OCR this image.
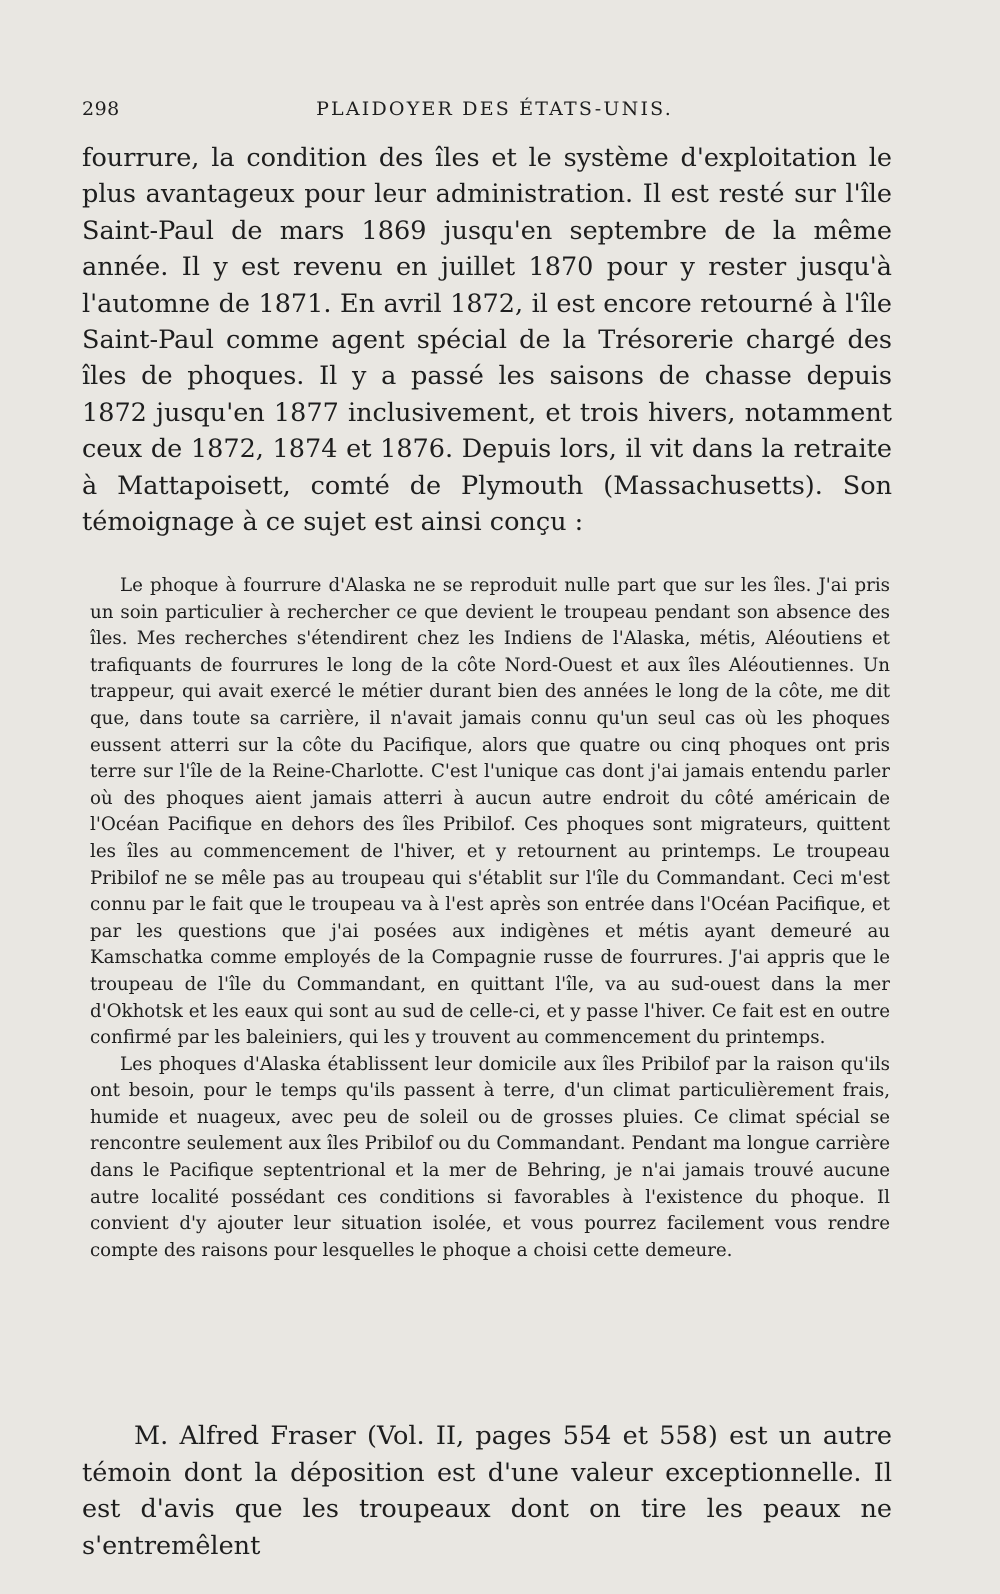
298	PLAIDOYER DES ÉTATS-UNIS.

fourrure, la condition des îles et le système d'exploitation le plus avantageux pour leur administration. Il est resté sur l'île Saint-Paul de mars 1869 jusqu'en septembre de la même année. Il y est revenu en juillet 1870 pour y rester jusqu'à l'automne de 1871. En avril 1872, il est encore retourné à l'île Saint-Paul comme agent spécial de la Trésorerie chargé des îles de phoques. Il y a passé les saisons de chasse depuis 1872 jusqu'en 1877 inclusivement, et trois hivers, notamment ceux de 1872, 1874 et 1876. Depuis lors, il vit dans la retraite à Mattapoisett, comté de Plymouth (Massachusetts). Son témoignage à ce sujet est ainsi conçu :

Le phoque à fourrure d'Alaska ne se reproduit nulle part que sur les îles. J'ai pris un soin particulier à rechercher ce que devient le troupeau pendant son absence des îles. Mes recherches s'étendirent chez les Indiens de l'Alaska, métis, Aléoutiens et trafiquants de fourrures le long de la côte Nord-Ouest et aux îles Aléoutiennes. Un trappeur, qui avait exercé le métier durant bien des années le long de la côte, me dit que, dans toute sa carrière, il n'avait jamais connu qu'un seul cas où les phoques eussent atterri sur la côte du Pacifique, alors que quatre ou cinq phoques ont pris terre sur l'île de la Reine-Charlotte. C'est l'unique cas dont j'ai jamais entendu parler où des phoques aient jamais atterri à aucun autre endroit du côté américain de l'Océan Pacifique en dehors des îles Pribilof. Ces phoques sont migrateurs, quittent les îles au commencement de l'hiver, et y retournent au printemps. Le troupeau Pribilof ne se mêle pas au troupeau qui s'établit sur l'île du Commandant. Ceci m'est connu par le fait que le troupeau va à l'est après son entrée dans l'Océan Pacifique, et par les questions que j'ai posées aux indigènes et métis ayant demeuré au Kamschatka comme employés de la Compagnie russe de fourrures. J'ai appris que le troupeau de l'île du Commandant, en quittant l'île, va au sud-ouest dans la mer d'Okhotsk et les eaux qui sont au sud de celle-ci, et y passe l'hiver. Ce fait est en outre confirmé par les baleiniers, qui les y trouvent au commencement du printemps.

Les phoques d'Alaska établissent leur domicile aux îles Pribilof par la raison qu'ils ont besoin, pour le temps qu'ils passent à terre, d'un climat particulièrement frais, humide et nuageux, avec peu de soleil ou de grosses pluies. Ce climat spécial se rencontre seulement aux îles Pribilof ou du Commandant. Pendant ma longue carrière dans le Pacifique septentrional et la mer de Behring, je n'ai jamais trouvé aucune autre localité possédant ces conditions si favorables à l'existence du phoque. Il convient d'y ajouter leur situation isolée, et vous pourrez facilement vous rendre compte des raisons pour lesquelles le phoque a choisi cette demeure.

M. Alfred Fraser (Vol. II, pages 554 et 558) est un autre témoin dont la déposition est d'une valeur exceptionnelle. Il est d'avis que les troupeaux dont on tire les peaux ne s'entremêlent
